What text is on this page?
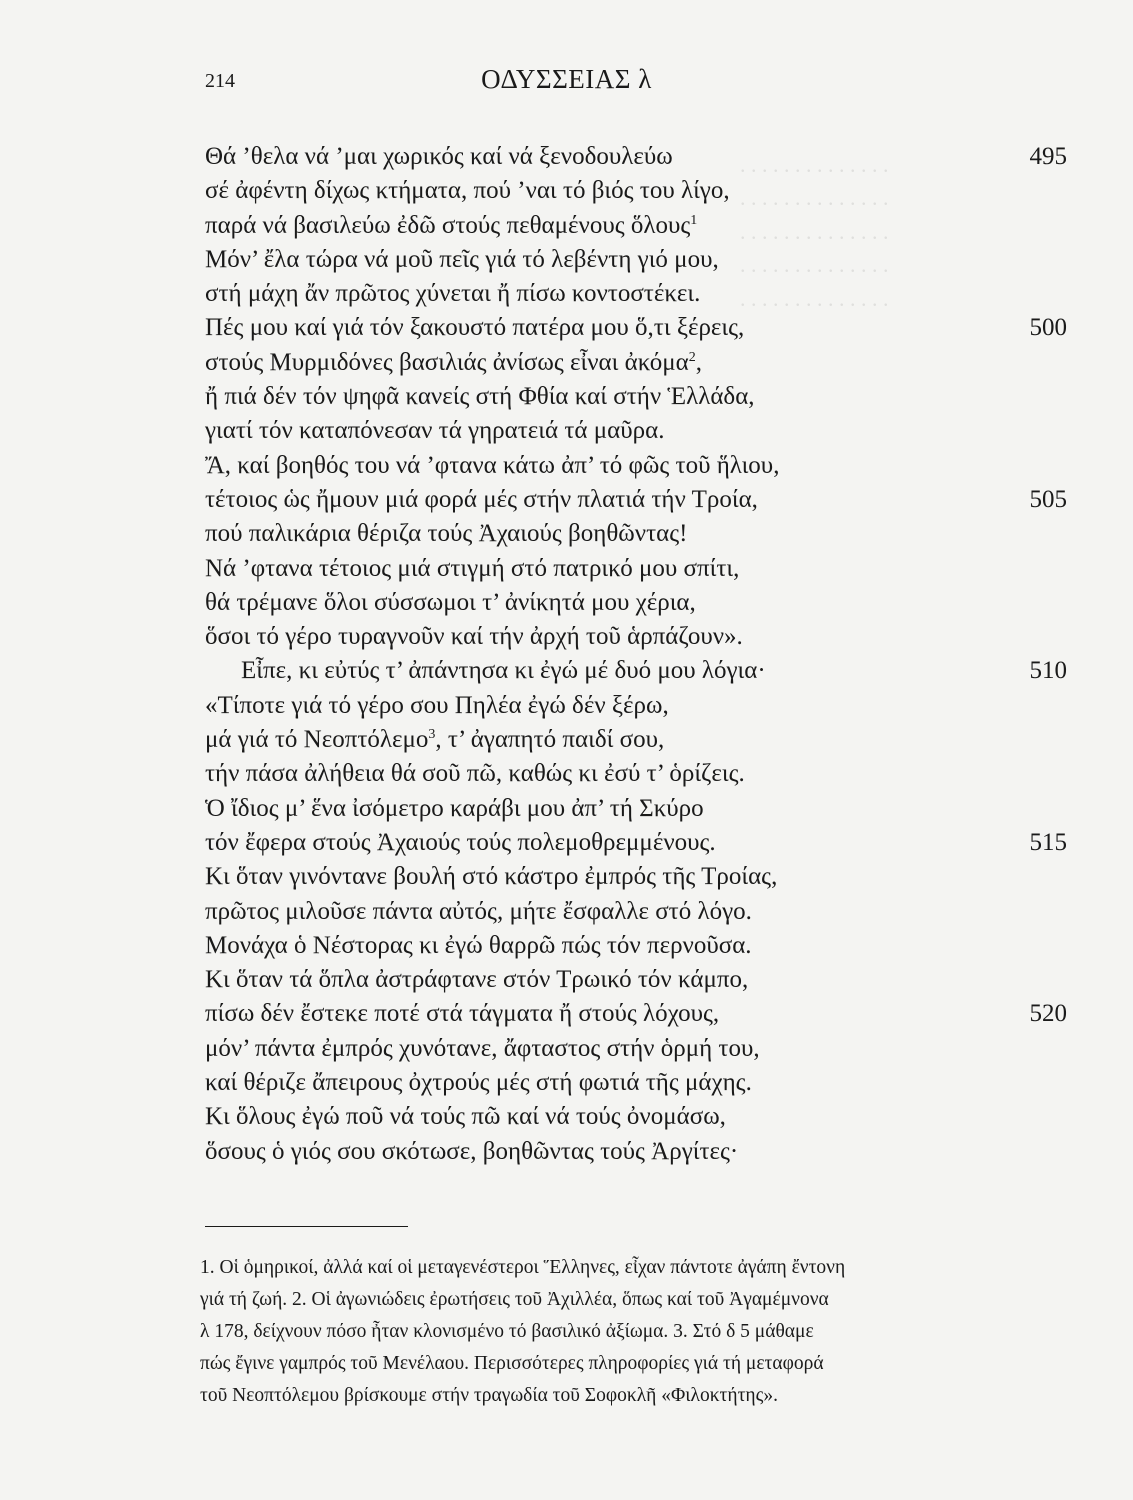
. . . . . . . . . . . . . .
. . . . . . . . . . . . . .
. . . . . . . . . . . . . .
. . . . . . . . . . . . . .
. . . . . . . . . . . . . .
214	ΟΔΥΣΣΕΙΑΣ λ
Θά ’θελα νά ’μαι χωρικός καί νά ξενοδουλεύω	495
σέ ἀφέντη δίχως κτήματα, πού ’ναι τό βιός του λίγο,
παρά νά βασιλεύω ἐδῶ στούς πεθαμένους ὅλους$^1$
Μόν’ ἔλα τώρα νά μοῦ πεῖς γιά τό λεβέντη γιό μου,
στή μάχη ἄν πρῶτος χύνεται ἤ πίσω κοντοστέκει.
Πές μου καί γιά τόν ξακουστό πατέρα μου ὅ,τι ξέρεις,	500
στούς Μυρμιδόνες βασιλιάς ἀνίσως εἶναι ἀκόμα$^2$,
ἤ πιά δέν τόν ψηφᾶ κανείς στή Φθία καί στήν Ἑλλάδα,
γιατί τόν καταπόνεσαν τά γηρατειά τά μαῦρα.
Ἄ, καί βοηθός του νά ’φτανα κάτω ἀπ’ τό φῶς τοῦ ἥλιου,
τέτοιος ὡς ἤμουν μιά φορά μές στήν πλατιά τήν Τροία,	505
πού παλικάρια θέριζα τούς Ἀχαιούς βοηθῶντας!
Νά ’φτανα τέτοιος μιά στιγμή στό πατρικό μου σπίτι,
θά τρέμανε ὅλοι σύσσωμοι τ’ ἀνίκητά μου χέρια,
ὅσοι τό γέρο τυραγνοῦν καί τήν ἀρχή τοῦ ἁρπάζουν».
Εἶπε, κι εὐτύς τ’ ἀπάντησα κι ἐγώ μέ δυό μου λόγια·	510
«Τίποτε γιά τό γέρο σου Πηλέα ἐγώ δέν ξέρω,
μά γιά τό Νεοπτόλεμο$^3$, τ’ ἀγαπητό παιδί σου,
τήν πάσα ἀλήθεια θά σοῦ πῶ, καθώς κι ἐσύ τ’ ὁρίζεις.
Ὁ ἴδιος μ’ ἕνα ἰσόμετρο καράβι μου ἀπ’ τή Σκύρο
τόν ἔφερα στούς Ἀχαιούς τούς πολεμοθρεμμένους.	515
Κι ὅταν γινόντανε βουλή στό κάστρο ἐμπρός τῆς Τροίας,
πρῶτος μιλοῦσε πάντα αὐτός, μήτε ἔσφαλλε στό λόγο.
Μονάχα ὁ Νέστορας κι ἐγώ θαρρῶ πώς τόν περνοῦσα.
Κι ὅταν τά ὅπλα ἀστράφτανε στόν Τρωικό τόν κάμπο,
πίσω δέν ἔστεκε ποτέ στά τάγματα ἤ στούς λόχους,	520
μόν’ πάντα ἐμπρός χυνότανε, ἄφταστος στήν ὁρμή του,
καί θέριζε ἄπειρους ὀχτρούς μές στή φωτιά τῆς μάχης.
Κι ὅλους ἐγώ ποῦ νά τούς πῶ καί νά τούς ὀνομάσω,
ὅσους ὁ γιός σου σκότωσε, βοηθῶντας τούς Ἀργίτες·
1. Οἱ ὁμηρικοί, ἀλλά καί οἱ μεταγενέστεροι Ἕλληνες, εἶχαν πάντοτε ἀγάπη ἔντονη
γιά τή ζωή. 2. Οἱ ἀγωνιώδεις ἐρωτήσεις τοῦ Ἀχιλλέα, ὅπως καί τοῦ Ἀγαμέμνονα
λ 178, δείχνουν πόσο ἦταν κλονισμένο τό βασιλικό ἀξίωμα. 3. Στό δ 5 μάθαμε
πώς ἔγινε γαμπρός τοῦ Μενέλαου. Περισσότερες πληροφορίες γιά τή μεταφορά
τοῦ Νεοπτόλεμου βρίσκουμε στήν τραγωδία τοῦ Σοφοκλῆ «Φιλοκτήτης».
